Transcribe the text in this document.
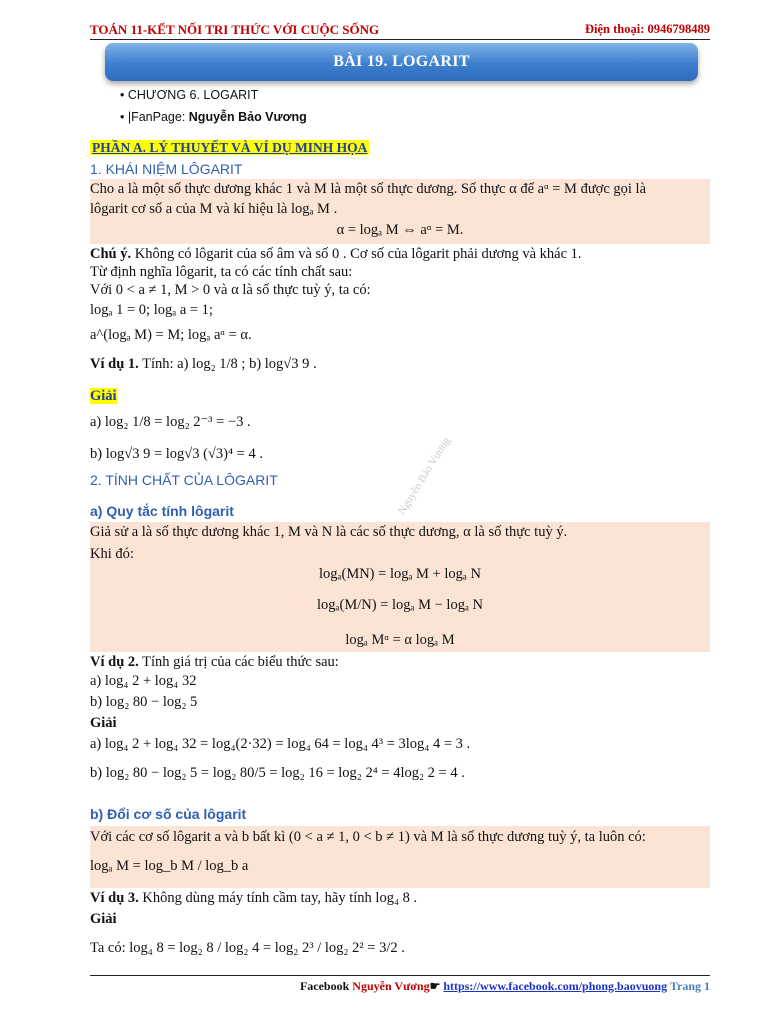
TOÁN 11-KẾT NỐI TRI THỨC VỚI CUỘC SỐNG	Điện thoại: 0946798489
BÀI 19. LOGARIT
• CHƯƠNG 6. LOGARIT
• |FanPage: Nguyễn Bảo Vương
PHẦN A. LÝ THUYẾT VÀ VÍ DỤ MINH HỌA
1. KHÁI NIỆM LÔGARIT
Cho a là một số thực dương khác 1 và M là một số thực dương. Số thực α để aᵅ = M được gọi là
lôgarit cơ số a của M và kí hiệu là logₐ M .
α = logₐ M ⇔ aᵅ = M.
Chú ý. Không có lôgarit của số âm và số 0 . Cơ số của lôgarit phải dương và khác 1.
Từ định nghĩa lôgarit, ta có các tính chất sau:
Với 0 < a ≠ 1, M > 0 và α là số thực tuỳ ý, ta có:
logₐ 1 = 0; logₐ a = 1;
a^(logₐ M) = M; logₐ aᵅ = α.
Ví dụ 1. Tính: a) log₂ 1/8 ; b) log√3 9 .
Giải
a) log₂ 1/8 = log₂ 2⁻³ = −3 .
b) log√3 9 = log√3 (√3)⁴ = 4 .
2. TÍNH CHẤT CỦA LÔGARIT
a) Quy tắc tính lôgarit
Giả sử a là số thực dương khác 1, M và N là các số thực dương, α là số thực tuỳ ý.
Khi đó:
logₐ(MN) = logₐ M + logₐ N
logₐ(M/N) = logₐ M − logₐ N
logₐ Mᵅ = α logₐ M
Ví dụ 2. Tính giá trị của các biểu thức sau:
a) log₄ 2 + log₄ 32
b) log₂ 80 − log₂ 5
Giải
a) log₄ 2 + log₄ 32 = log₄(2·32) = log₄ 64 = log₄ 4³ = 3log₄ 4 = 3 .
b) log₂ 80 − log₂ 5 = log₂ 80/5 = log₂ 16 = log₂ 2⁴ = 4log₂ 2 = 4 .
b) Đổi cơ số của lôgarit
Với các cơ số lôgarit a và b bất kì (0 < a ≠ 1, 0 < b ≠ 1) và M là số thực dương tuỳ ý, ta luôn có:
logₐ M = log_b M / log_b a
Ví dụ 3. Không dùng máy tính cầm tay, hãy tính log₄ 8 .
Giải
Ta có: log₄ 8 = log₂ 8 / log₂ 4 = log₂ 2³ / log₂ 2² = 3/2 .
Nguyễn Bảo Vương
Facebook Nguyễn Vương☛ https://www.facebook.com/phong.baovuong Trang 1
